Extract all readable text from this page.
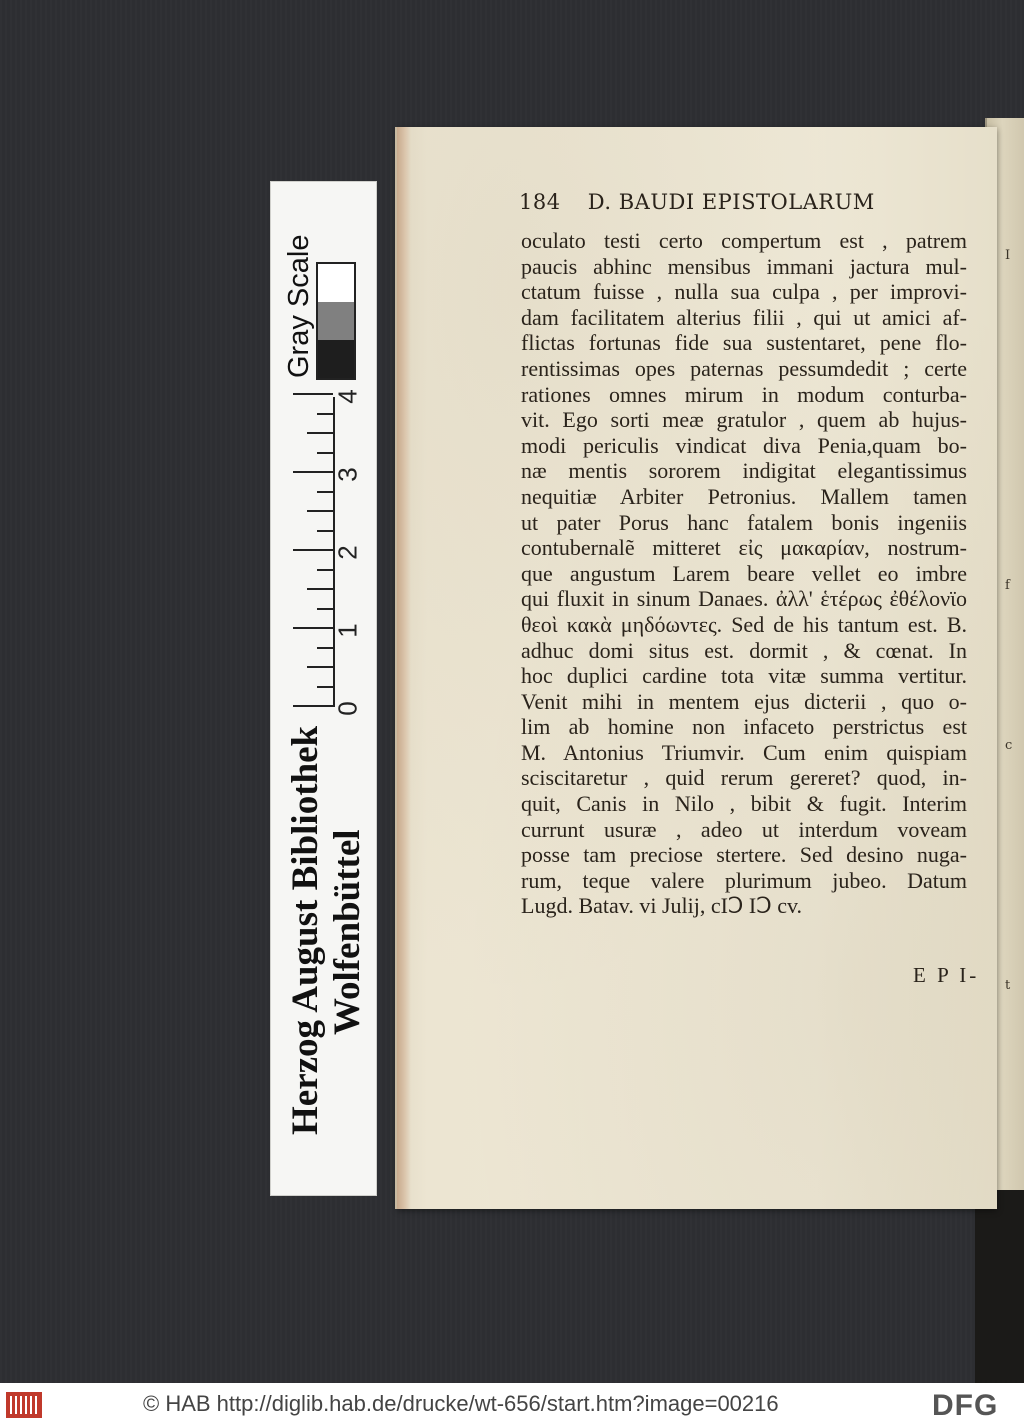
I
f
c
t
184 D. BAUDI EPISTOLARUM
oculato testi certo compertum est , patrem
paucis abhinc mensibus immani jactura mul-
ctatum fuisse , nulla sua culpa , per improvi-
dam facilitatem alterius filii , qui ut amici af-
flictas fortunas fide sua sustentaret, pene flo-
rentissimas opes paternas pessumdedit ; certe
rationes omnes mirum in modum conturba-
vit. Ego sorti meæ gratulor , quem ab hujus-
modi periculis vindicat diva Penia,quam bo-
næ mentis sororem indigitat elegantissimus
nequitiæ Arbiter Petronius. Mallem tamen
ut pater Porus hanc fatalem bonis ingeniis
contubernalẽ mitteret εἰς μακαρίαν, nostrum-
que angustum Larem beare vellet eo imbre
qui fluxit in sinum Danaes. ἀλλ' ἑτέρως ἐθέλονϊο
θεοὶ κακὰ μηδόωντες. Sed de his tantum est. B.
adhuc domi situs est. dormit , & cœnat. In
hoc duplici cardine tota vitæ summa vertitur.
Venit mihi in mentem ejus dicterii , quo o-
lim ab homine non infaceto perstrictus est
M. Antonius Triumvir. Cum enim quispiam
sciscitaretur , quid rerum gereret? quod, in-
quit, Canis in Nilo , bibit & fugit. Interim
currunt usuræ , adeo ut interdum voveam
posse tam preciose stertere. Sed desino nuga-
rum, teque valere plurimum jubeo. Datum
Lugd. Batav. vi Julij, cIↃ IↃ cv.
E P I-
0
1
2
3
4
Gray Scale
Herzog August Bibliothek Wolfenbüttel
© HAB http://diglib.hab.de/drucke/wt-656/start.htm?image=00216	DFG
